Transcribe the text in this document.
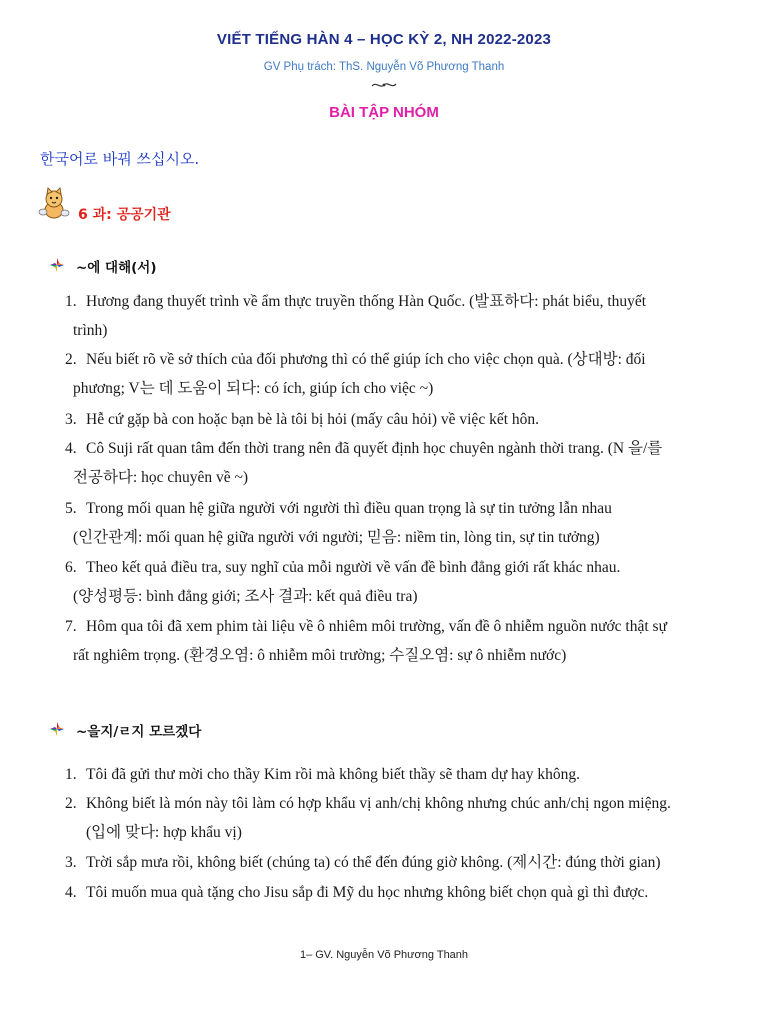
VIẾT TIẾNG HÀN 4 – HỌC KỲ 2, NH 2022-2023
GV Phụ trách: ThS. Nguyễn Võ Phương Thanh
BÀI TẬP NHÓM
한국어로 바꿔 쓰십시오.
6 과: 공공기관
~에 대해(서)
1. Hương đang thuyết trình về ẩm thực truyền thống Hàn Quốc. (발표하다: phát biểu, thuyết
trình)
2. Nếu biết rõ về sở thích của đối phương thì có thể giúp ích cho việc chọn quà. (상대방: đối
phương; V는 데 도움이 되다: có ích, giúp ích cho việc ~)
3. Hễ cứ gặp bà con hoặc bạn bè là tôi bị hỏi (mấy câu hỏi) về việc kết hôn.
4. Cô Suji rất quan tâm đến thời trang nên đã quyết định học chuyên ngành thời trang. (N 을/를
전공하다: học chuyên về ~)
5. Trong mối quan hệ giữa người với người thì điều quan trọng là sự tin tưởng lẫn nhau
(인간관계: mối quan hệ giữa người với người; 믿음: niềm tin, lòng tin, sự tin tưởng)
6. Theo kết quả điều tra, suy nghĩ của mỗi người về vấn đề bình đẳng giới rất khác nhau.
(양성평등: bình đẳng giới; 조사 결과: kết quả điều tra)
7. Hôm qua tôi đã xem phim tài liệu về ô nhiêm môi trường, vấn đề ô nhiễm nguồn nước thật sự
rất nghiêm trọng. (환경오염: ô nhiễm môi trường; 수질오염: sự ô nhiễm nước)
~을지/ㄹ지 모르겠다
1. Tôi đã gửi thư mời cho thầy Kim rồi mà không biết thầy sẽ tham dự hay không.
2. Không biết là món này tôi làm có hợp khẩu vị anh/chị không nhưng chúc anh/chị ngon miệng.
(입에 맞다: hợp khẩu vị)
3. Trời sắp mưa rồi, không biết (chúng ta) có thể đến đúng giờ không. (제시간: đúng thời gian)
4. Tôi muốn mua quà tặng cho Jisu sắp đi Mỹ du học nhưng không biết chọn quà gì thì được.
1– GV. Nguyễn Võ Phương Thanh
